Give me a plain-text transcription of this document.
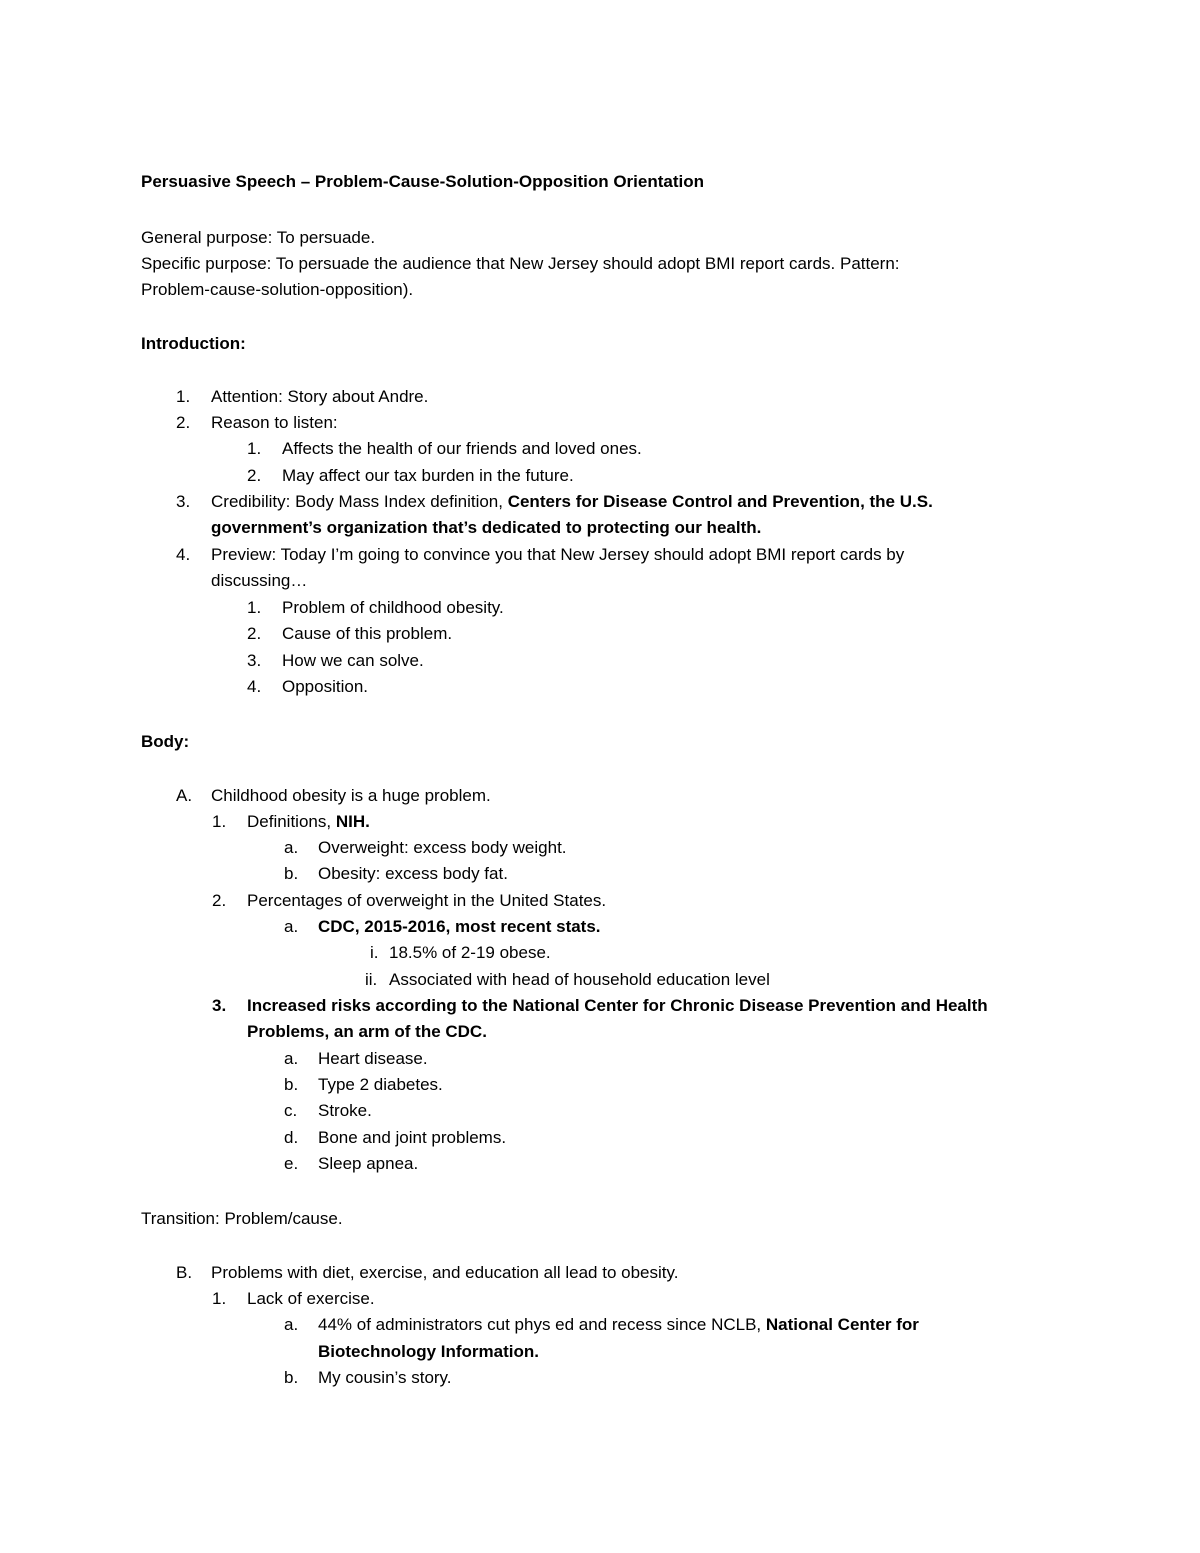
Persuasive Speech – Problem-Cause-Solution-Opposition Orientation
General purpose: To persuade.
Specific purpose: To persuade the audience that New Jersey should adopt BMI report cards. Pattern:
Problem-cause-solution-opposition).
Introduction:
1. Attention: Story about Andre.
2. Reason to listen:
1. Affects the health of our friends and loved ones.
2. May affect our tax burden in the future.
3. Credibility: Body Mass Index definition, Centers for Disease Control and Prevention, the U.S.
government’s organization that’s dedicated to protecting our health.
4. Preview: Today I’m going to convince you that New Jersey should adopt BMI report cards by
discussing…
1. Problem of childhood obesity.
2. Cause of this problem.
3. How we can solve.
4. Opposition.
Body:
A. Childhood obesity is a huge problem.
1. Definitions, NIH.
a. Overweight: excess body weight.
b. Obesity: excess body fat.
2. Percentages of overweight in the United States.
a. CDC, 2015-2016, most recent stats.
i. 18.5% of 2-19 obese.
ii. Associated with head of household education level
3. Increased risks according to the National Center for Chronic Disease Prevention and Health
Problems, an arm of the CDC.
a. Heart disease.
b. Type 2 diabetes.
c. Stroke.
d. Bone and joint problems.
e. Sleep apnea.
Transition: Problem/cause.
B. Problems with diet, exercise, and education all lead to obesity.
1. Lack of exercise.
a. 44% of administrators cut phys ed and recess since NCLB, National Center for
Biotechnology Information.
b. My cousin’s story.
